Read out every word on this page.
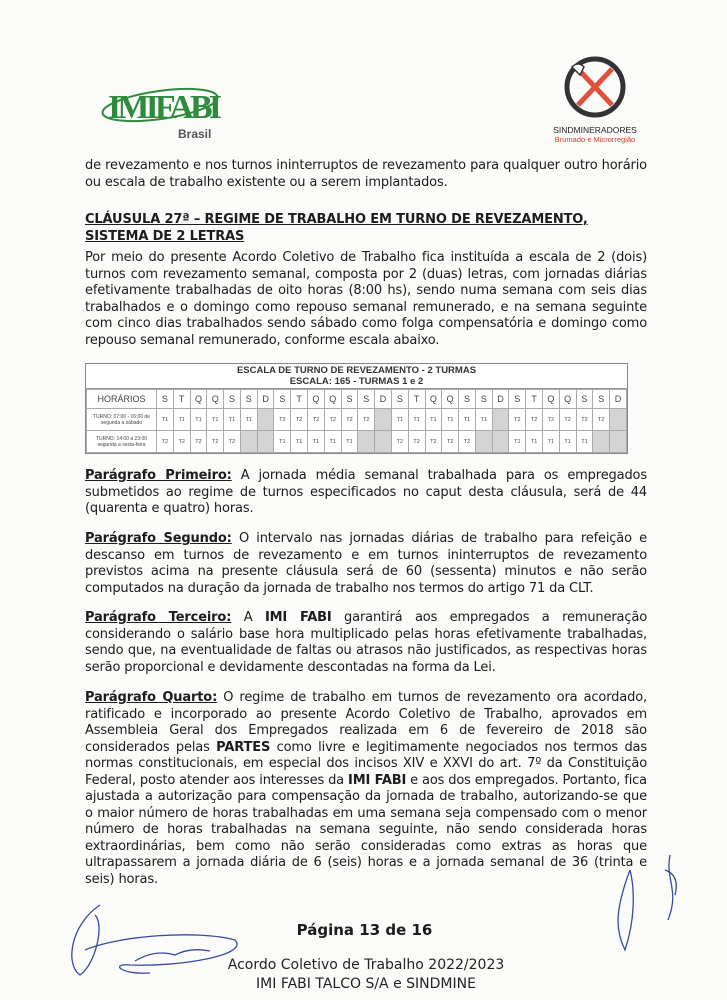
IMIFABI
Brasil	SINDMINERADORES
Brumado e Microrregião

de revezamento e nos turnos ininterruptos de revezamento para qualquer outro horário ou escala de trabalho existente ou a serem implantados.

CLÁUSULA 27ª – REGIME DE TRABALHO EM TURNO DE REVEZAMENTO, SISTEMA DE 2 LETRAS

Por meio do presente Acordo Coletivo de Trabalho fica instituída a escala de 2 (dois) turnos com revezamento semanal, composta por 2 (duas) letras, com jornadas diárias efetivamente trabalhadas de oito horas (8:00 hs), sendo numa semana com seis dias trabalhados e o domingo como repouso semanal remunerado, e na semana seguinte com cinco dias trabalhados sendo sábado como folga compensatória e domingo como repouso semanal remunerado, conforme escala abaixo.

ESCALA DE TURNO DE REVEZAMENTO - 2 TURMAS
ESCALA: 165 - TURMAS 1 e 2
HORÁRIOS	S	T	Q	Q	S	S	D	S	T	Q	Q	S	S	D	S	T	Q	Q	S	S	D	S	T	Q	Q	S	S	D
TURNO: 07:00 - 16:00 de segunda a sábado	T1	T1	T1	T1	T1	T1		T2	T2	T2	T2	T2	T2		T1	T1	T1	T1	T1	T1		T2	T2	T2	T2	T2	T2	
TURNO: 14:00 a 23:00 segunda a sexta-feira	T2	T2	T2	T2	T2			T1	T1	T1	T1	T1			T2	T2	T2	T2	T2			T1	T1	T1	T1	T1		

Parágrafo Primeiro: A jornada média semanal trabalhada para os empregados submetidos ao regime de turnos especificados no caput desta cláusula, será de 44 (quarenta e quatro) horas.

Parágrafo Segundo: O intervalo nas jornadas diárias de trabalho para refeição e descanso em turnos de revezamento e em turnos ininterruptos de revezamento previstos acima na presente cláusula será de 60 (sessenta) minutos e não serão computados na duração da jornada de trabalho nos termos do artigo 71 da CLT.

Parágrafo Terceiro: A IMI FABI garantirá aos empregados a remuneração considerando o salário base hora multiplicado pelas horas efetivamente trabalhadas, sendo que, na eventualidade de faltas ou atrasos não justificados, as respectivas horas serão proporcional e devidamente descontadas na forma da Lei.

Parágrafo Quarto: O regime de trabalho em turnos de revezamento ora acordado, ratificado e incorporado ao presente Acordo Coletivo de Trabalho, aprovados em Assembleia Geral dos Empregados realizada em 6 de fevereiro de 2018 são considerados pelas PARTES como livre e legitimamente negociados nos termos das normas constitucionais, em especial dos incisos XIV e XXVI do art. 7º da Constituição Federal, posto atender aos interesses da IMI FABI e aos dos empregados. Portanto, fica ajustada a autorização para compensação da jornada de trabalho, autorizando-se que o maior número de horas trabalhadas em uma semana seja compensado com o menor número de horas trabalhadas na semana seguinte, não sendo considerada horas extraordinárias, bem como não serão consideradas como extras as horas que ultrapassarem a jornada diária de 6 (seis) horas e a jornada semanal de 36 (trinta e seis) horas.

Página 13 de 16
Acordo Coletivo de Trabalho 2022/2023
IMI FABI TALCO S/A e SINDMINE
